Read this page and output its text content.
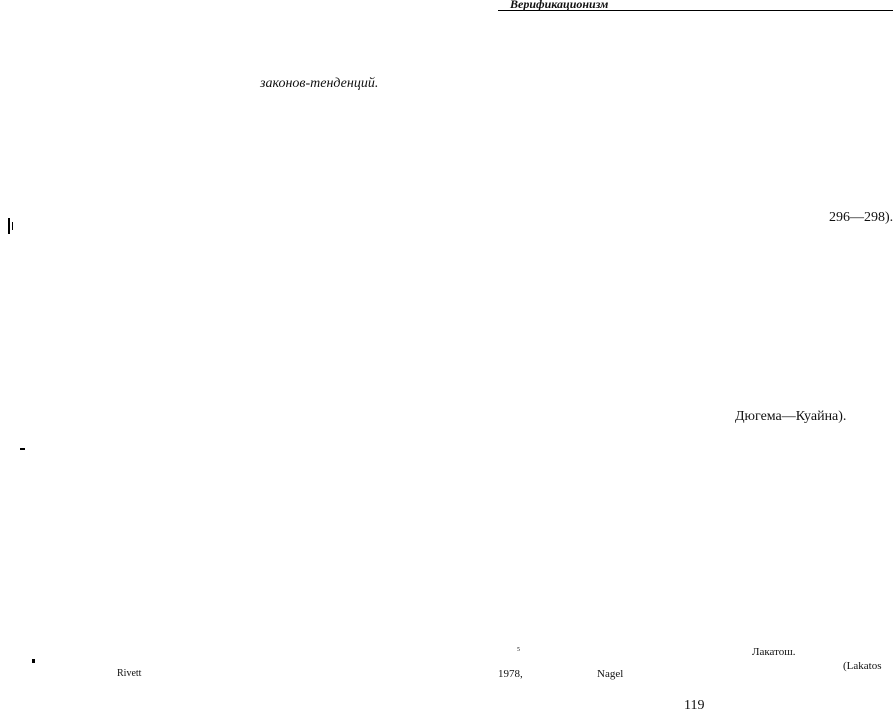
Верификационизм
законов-тенденций.
Rivett
296—298).
Дюгема—Куайна).
5	Лакатош.
(Lakatos
1978,	Nagel
119
